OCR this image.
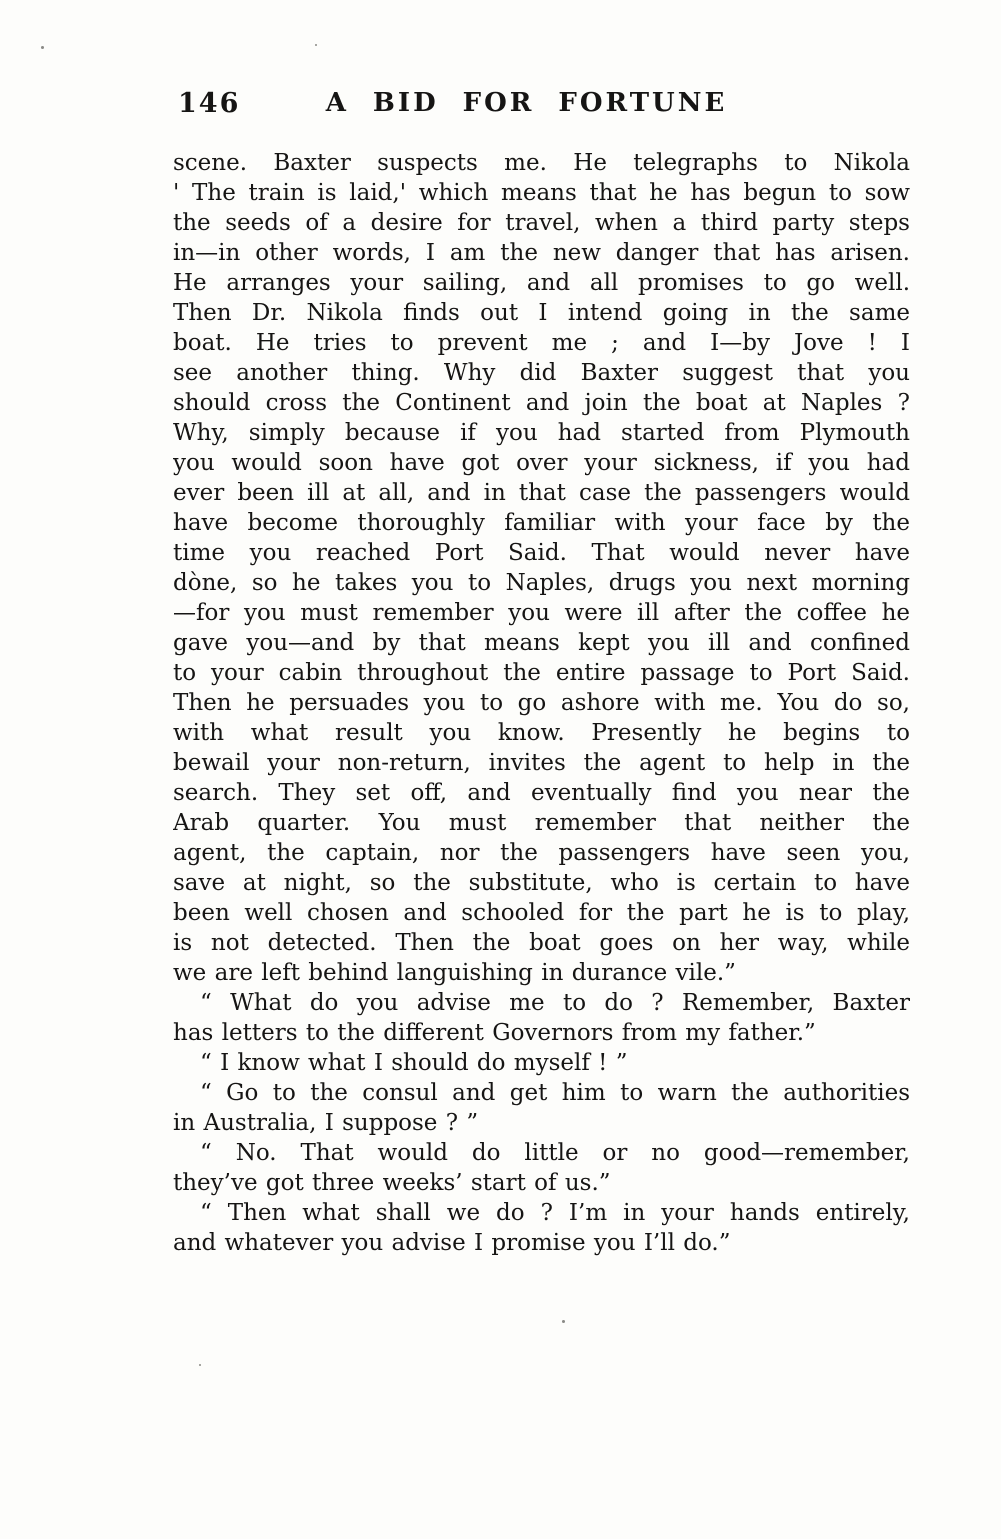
146	A BID FOR FORTUNE
scene. Baxter suspects me. He telegraphs to Nikola
' The train is laid,' which means that he has begun to sow
the seeds of a desire for travel, when a third party steps
in—in other words, I am the new danger that has arisen.
He arranges your sailing, and all promises to go well.
Then Dr. Nikola finds out I intend going in the same
boat. He tries to prevent me ; and I—by Jove ! I
see another thing. Why did Baxter suggest that you
should cross the Continent and join the boat at Naples ?
Why, simply because if you had started from Plymouth
you would soon have got over your sickness, if you had
ever been ill at all, and in that case the passengers would
have become thoroughly familiar with your face by the
time you reached Port Said. That would never have
dòne, so he takes you to Naples, drugs you next morning
—for you must remember you were ill after the coffee he
gave you—and by that means kept you ill and confined
to your cabin throughout the entire passage to Port Said.
Then he persuades you to go ashore with me. You do so,
with what result you know. Presently he begins to
bewail your non-return, invites the agent to help in the
search. They set off, and eventually find you near the
Arab quarter. You must remember that neither the
agent, the captain, nor the passengers have seen you,
save at night, so the substitute, who is certain to have
been well chosen and schooled for the part he is to play,
is not detected. Then the boat goes on her way, while
we are left behind languishing in durance vile.”
“ What do you advise me to do ? Remember, Baxter
has letters to the different Governors from my father.”
“ I know what I should do myself ! ”
“ Go to the consul and get him to warn the authorities
in Australia, I suppose ? ”
“ No. That would do little or no good—remember,
they’ve got three weeks’ start of us.”
“ Then what shall we do ? I’m in your hands entirely,
and whatever you advise I promise you I’ll do.”
